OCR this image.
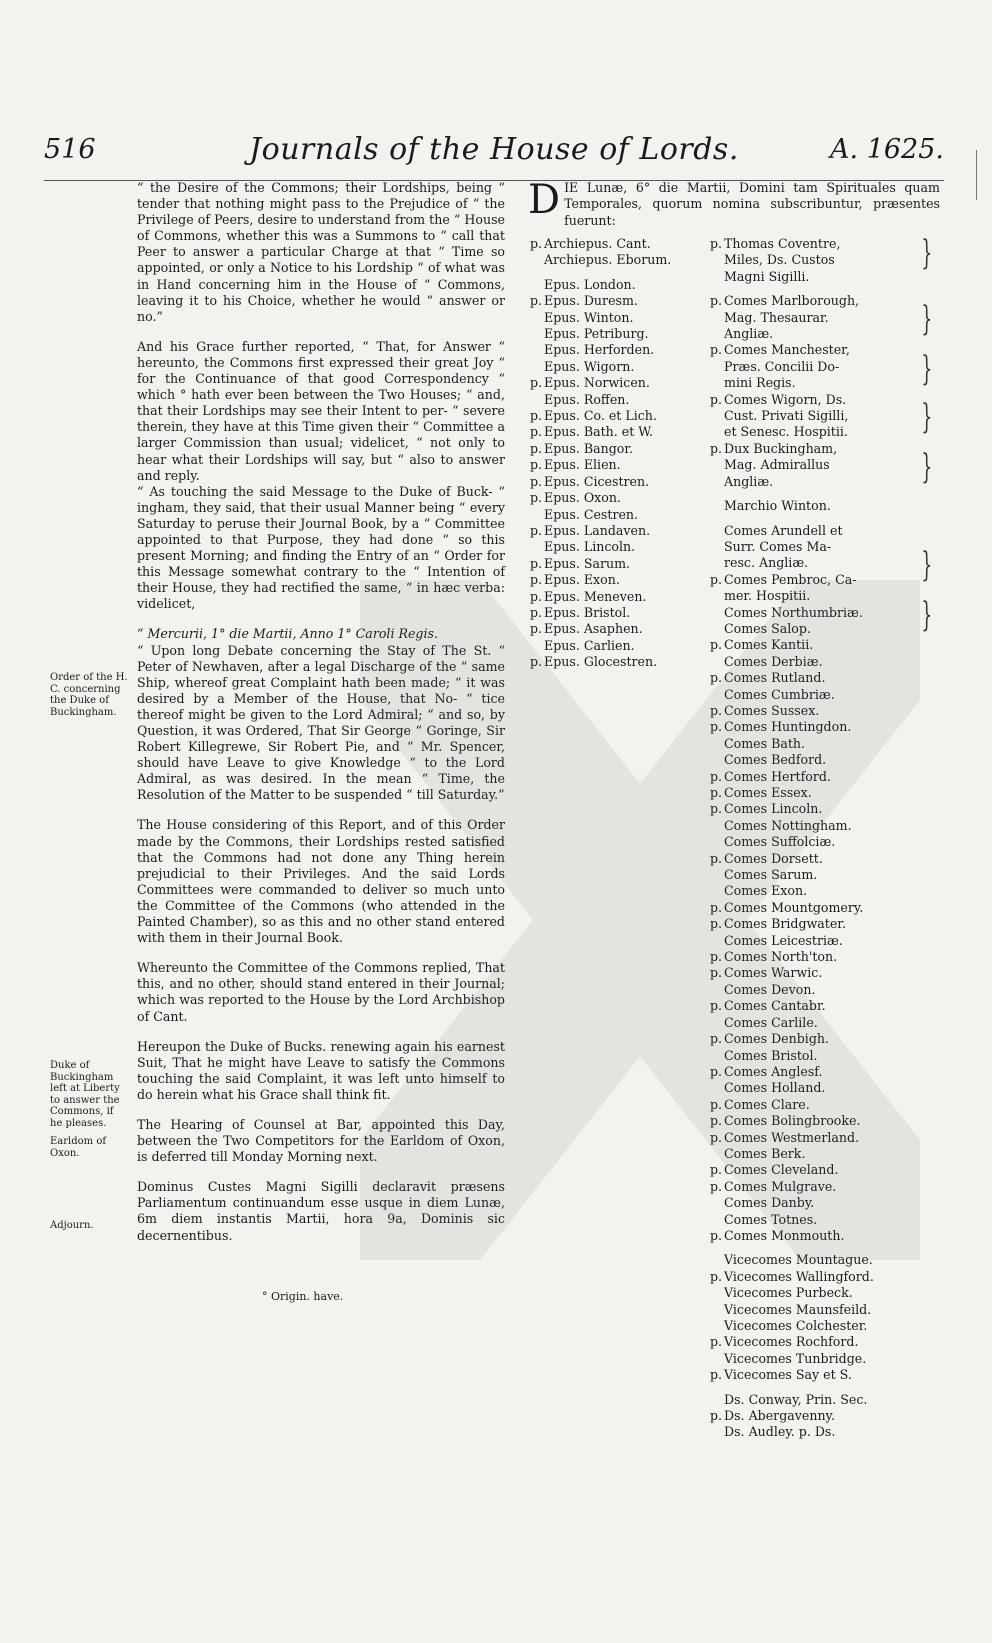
516	Journals of the House of Lords.	A. 1625.

“ the Desire of the Commons; their Lordships, being “ tender that nothing might pass to the Prejudice of “ the Privilege of Peers, desire to understand from the “ House of Commons, whether this was a Summons to “ call that Peer to answer a particular Charge at that “ Time so appointed, or only a Notice to his Lordship “ of what was in Hand concerning him in the House of “ Commons, leaving it to his Choice, whether he would “ answer or no.”

And his Grace further reported, “ That, for Answer “ hereunto, the Commons first expressed their great Joy “ for the Continuance of that good Correspondency “ which ° hath ever been between the Two Houses; “ and, that their Lordships may see their Intent to per- “ severe therein, they have at this Time given their “ Committee a larger Commission than usual; videlicet, “ not only to hear what their Lordships will say, but “ also to answer and reply.

“ As touching the said Message to the Duke of Buck- “ ingham, they said, that their usual Manner being “ every Saturday to peruse their Journal Book, by a “ Committee appointed to that Purpose, they had done “ so this present Morning; and finding the Entry of an “ Order for this Message somewhat contrary to the “ Intention of their House, they had rectified the same, “ in hæc verba: videlicet,

“ Mercurii, 1° die Martii, Anno 1° Caroli Regis.

“ Upon long Debate concerning the Stay of The St. “ Peter of Newhaven, after a legal Discharge of the “ same Ship, whereof great Complaint hath been made; “ it was desired by a Member of the House, that No- “ tice thereof might be given to the Lord Admiral; “ and so, by Question, it was Ordered, That Sir George “ Goringe, Sir Robert Killegrewe, Sir Robert Pie, and “ Mr. Spencer, should have Leave to give Knowledge “ to the Lord Admiral, as was desired. In the mean “ Time, the Resolution of the Matter to be suspended “ till Saturday.”

The House considering of this Report, and of this Order made by the Commons, their Lordships rested satisfied that the Commons had not done any Thing herein prejudicial to their Privileges. And the said Lords Committees were commanded to deliver so much unto the Committee of the Commons (who attended in the Painted Chamber), so as this and no other stand entered with them in their Journal Book.

Whereunto the Committee of the Commons replied, That this, and no other, should stand entered in their Journal; which was reported to the House by the Lord Archbishop of Cant.

Hereupon the Duke of Bucks. renewing again his earnest Suit, That he might have Leave to satisfy the Commons touching the said Complaint, it was left unto himself to do herein what his Grace shall think fit.

The Hearing of Counsel at Bar, appointed this Day, between the Two Competitors for the Earldom of Oxon, is deferred till Monday Morning next.

Dominus Custes Magni Sigilli declaravit præsens Parliamentum continuandum esse usque in diem Lunæ, 6m diem instantis Martii, hora 9a, Dominis sic decernentibus.

° Origin. have.
Order of the H. C. concerning the Duke of Buckingham.
Duke of Buckingham left at Liberty to answer the Commons, if he pleases.
Earldom of Oxon.
Adjourn.
DIE Lunæ, 6° die Martii, Domini tam Spirituales quam Temporales, quorum nomina subscribuntur, præsentes fuerunt:
p. Archiepus. Cant.
Archiepus. Eborum.
Epus. London.
p. Epus. Duresm.
Epus. Winton.
Epus. Petriburg.
Epus. Herforden.
Epus. Wigorn.
p. Epus. Norwicen.
Epus. Roffen.
p. Epus. Co. et Lich.
p. Epus. Bath. et W.
p. Epus. Bangor.
p. Epus. Elien.
p. Epus. Cicestren.
p. Epus. Oxon.
Epus. Cestren.
p. Epus. Landaven.
Epus. Lincoln.
p. Epus. Sarum.
p. Epus. Exon.
p. Epus. Meneven.
p. Epus. Bristol.
p. Epus. Asaphen.
Epus. Carlien.
p. Epus. Glocestren.
p. Thomas Coventre,
Miles, Ds. Custos
Magni Sigilli.
p. Comes Marlborough,
Mag. Thesaurar.
Angliæ.
p. Comes Manchester,
Præs. Concilii Do-
mini Regis.
p. Comes Wigorn, Ds.
Cust. Privati Sigilli,
et Senesc. Hospitii.
p. Dux Buckingham,
Mag. Admirallus
Angliæ.
Marchio Winton.
Comes Arundell et
Surr. Comes Ma-
resc. Angliæ.
p. Comes Pembroc, Ca-
mer. Hospitii.
Comes Northumbriæ.
Comes Salop.
p. Comes Kantii.
Comes Derbiæ.
p. Comes Rutland.
Comes Cumbriæ.
p. Comes Sussex.
p. Comes Huntingdon.
Comes Bath.
Comes Bedford.
p. Comes Hertford.
p. Comes Essex.
p. Comes Lincoln.
Comes Nottingham.
Comes Suffolciæ.
p. Comes Dorsett.
Comes Sarum.
Comes Exon.
p. Comes Mountgomery.
p. Comes Bridgwater.
Comes Leicestriæ.
p. Comes North'ton.
p. Comes Warwic.
Comes Devon.
p. Comes Cantabr.
Comes Carlile.
p. Comes Denbigh.
Comes Bristol.
p. Comes Anglesf.
Comes Holland.
p. Comes Clare.
p. Comes Bolingbrooke.
p. Comes Westmerland.
Comes Berk.
p. Comes Cleveland.
p. Comes Mulgrave.
Comes Danby.
Comes Totnes.
p. Comes Monmouth.
Vicecomes Mountague.
p. Vicecomes Wallingford.
Vicecomes Purbeck.
Vicecomes Maunsfeild.
Vicecomes Colchester.
p. Vicecomes Rochford.
Vicecomes Tunbridge.
p. Vicecomes Say et S.
Ds. Conway, Prin. Sec.
p. Ds. Abergavenny.
Ds. Audley. p. Ds.
}
}
}
}
}
}
}
